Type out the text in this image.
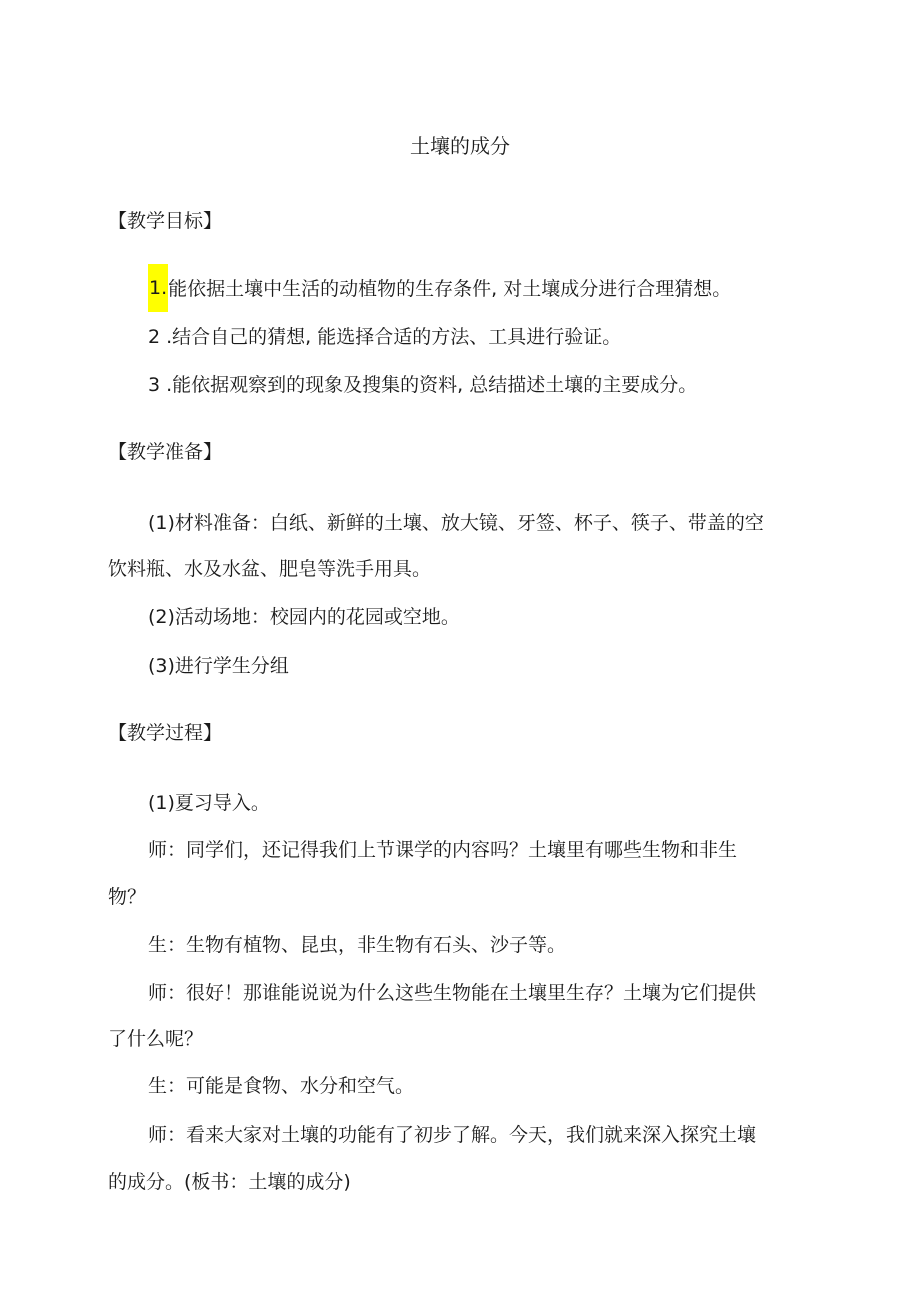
土壤的成分
【教学目标】
1.能依据土壤中生活的动植物的生存条件, 对土壤成分进行合理猜想。
2 .结合自己的猜想, 能选择合适的方法、工具进行验证。
3 .能依据观察到的现象及搜集的资料, 总结描述土壤的主要成分。
【教学准备】
(1)材料准备：白纸、新鲜的土壤、放大镜、牙签、杯子、筷子、带盖的空
饮料瓶、水及水盆、肥皂等洗手用具。
(2)活动场地：校园内的花园或空地。
(3)进行学生分组
【教学过程】
(1)夏习导入。
师：同学们，还记得我们上节课学的内容吗？土壤里有哪些生物和非生
物？
生：生物有植物、昆虫，非生物有石头、沙子等。
师：很好！那谁能说说为什么这些生物能在土壤里生存？土壤为它们提供
了什么呢？
生：可能是食物、水分和空气。
师：看来大家对土壤的功能有了初步了解。今天，我们就来深入探究土壤
的成分。(板书：土壤的成分)
